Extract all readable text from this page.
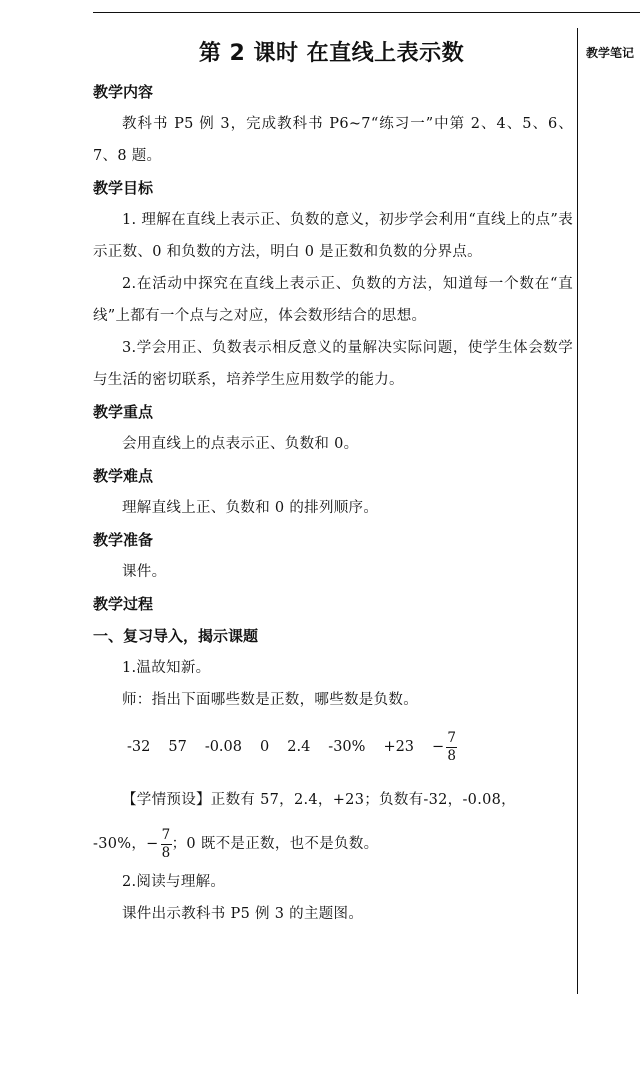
教学笔记
第 2 课时 在直线上表示数
教学内容

教科书 P5 例 3，完成教科书 P6~7“练习一”中第 2、4、5、6、7、8 题。

教学目标

1. 理解在直线上表示正、负数的意义，初步学会利用“直线上的点”表示正数、0 和负数的方法，明白 0 是正数和负数的分界点。

2.在活动中探究在直线上表示正、负数的方法，知道每一个数在“直线”上都有一个点与之对应，体会数形结合的思想。

3.学会用正、负数表示相反意义的量解决实际问题，使学生体会数学与生活的密切联系，培养学生应用数学的能力。

教学重点

会用直线上的点表示正、负数和 0。

教学难点

理解直线上正、负数和 0 的排列顺序。

教学准备

课件。

教学过程
一、复习导入，揭示课题

1.温故知新。

师：指出下面哪些数是正数，哪些数是负数。

-32 57 -0.08 0 2.4 -30% +23 −
7
8

【学情预设】正数有 57，2.4，+23；负数有-32，-0.08，

-30%， −
7
8
；0 既不是正数，也不是负数。

2.阅读与理解。

课件出示教科书 P5 例 3 的主题图。
